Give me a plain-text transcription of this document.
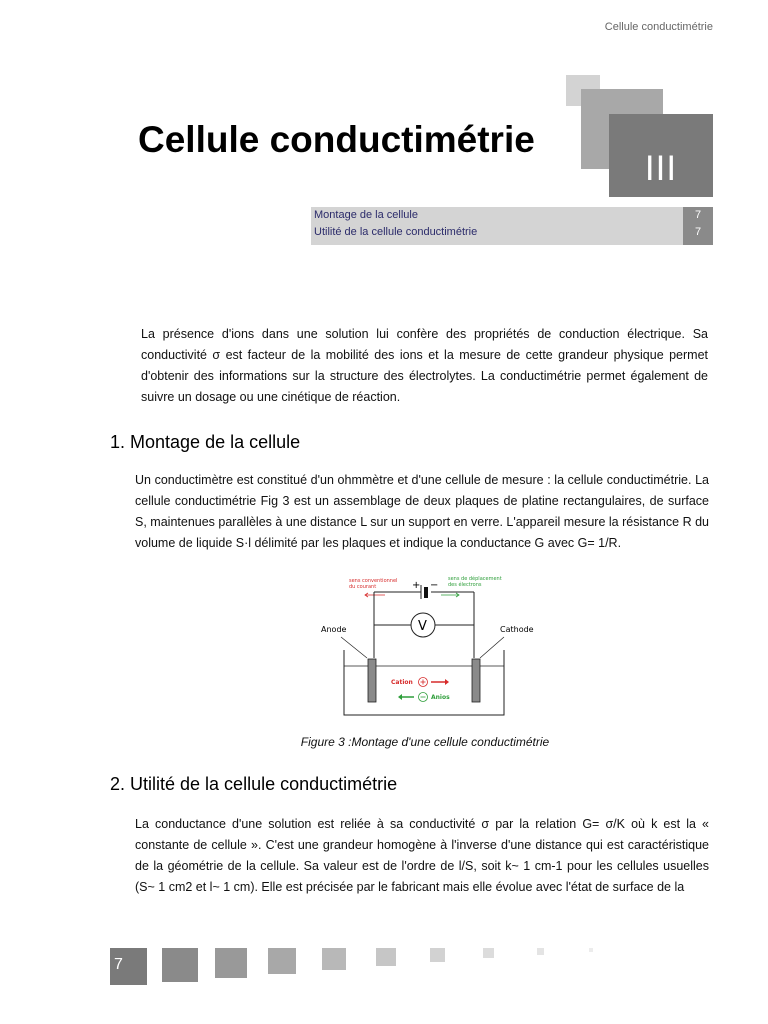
Cellule conductimétrie
III
Cellule conductimétrie
Montage de la cellule	7
Utilité de la cellule conductimétrie	7

La présence d'ions dans une solution lui confère des propriétés de conduction électrique. Sa conductivité σ est facteur de la mobilité des ions et la mesure de cette grandeur physique permet d'obtenir des informations sur la structure des électrolytes. La conductimétrie permet également de suivre un dosage ou une cinétique de réaction.

1. Montage de la cellule

Un conductimètre est constitué d'un ohmmètre et d'une cellule de mesure : la cellule conductimétrie. La cellule conductimétrie Fig 3 est un assemblage de deux plaques de platine rectangulaires, de surface S, maintenues parallèles à une distance L sur un support en verre. L'appareil mesure la résistance R du volume de liquide S·l délimité par les plaques et indique la conductance G avec G= 1/R.

+ −
sens conventionnel
du courant
sens de déplacement
des électrons
V
Anode	Cathode
Cation
Anios
Figure 3 :Montage d'une cellule conductimétrie
2. Utilité de la cellule conductimétrie

La conductance d'une solution est reliée à sa conductivité σ par la relation G= σ/K où k est la « constante de cellule ». C'est une grandeur homogène à l'inverse d'une distance qui est caractéristique de la géométrie de la cellule. Sa valeur est de l'ordre de l/S, soit k~ 1 cm-1 pour les cellules usuelles (S~ 1 cm2 et l~ 1 cm). Elle est précisée par le fabricant mais elle évolue avec l'état de surface de la

7
